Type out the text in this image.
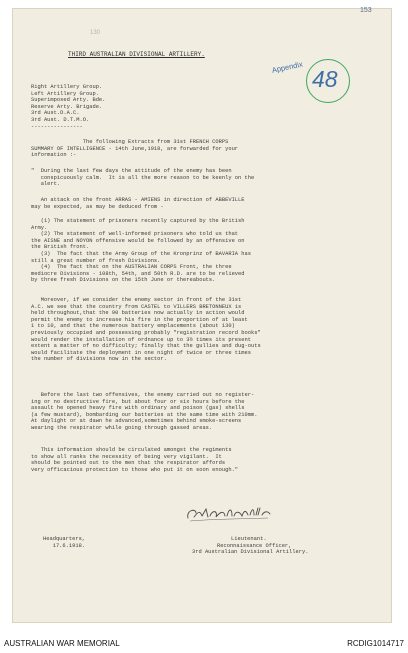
130
153
THIRD AUSTRALIAN DIVISIONAL ARTILLERY.
Appendix 48
Right Artillery Group.
Left Artillery Group.
Superimposed Arty. Bde.
Reserve Arty. Brigade.
3rd Aust.D.A.C.
3rd Aust. D.T.M.O.
----------------
The following Extracts from 31st FRENCH CORPS
SUMMARY OF INTELLIGENCE - 14th June,1918, are forwarded for your
information :-
"  During the last few days the attitude of the enemy has been
conspicuously calm.  It is all the more reason to be keenly on the
alert.
An attack on the front ARRAS - AMIENS in direction of ABBEVILLE
may be expected, as may be deduced from -
(1) The statement of prisoners recently captured by the British
Army.
(2) The statement of well-informed prisoners who told us that
the AISNE and NOYON offensive would be followed by an offensive on
the British front.
(3)  The fact that the Army Group of the Kronprinz of BAVARIA has
still a great number of fresh Divisions.
(4)  The fact that on the AUSTRALIAN CORPS Front, the three
mediocre Divisions - 108th, 54th, and 50th R.D. are to be relieved
by three fresh Divisions on the 15th June or thereabouts.
Moreover, if we consider the enemy sector in front of the 31st
A.C. we see that the country from CASTEL to VILLERS BRETONNEUX is
held throughout,that the 90 batteries now actually in action would
permit the enemy to increase his fire in the proportion of at least
1 to 10, and that the numerous battery emplacements (about 130)
previously occupied and possessing probably "registration record books"
would render the installation of ordnance up to 3½ times its present
extent a matter of no difficulty; finally that the gullies and dug-outs
would facilitate the deployment in one night of twice or three times
the number of divisions now in the sector.
Before the last two offensives, the enemy carried out no register-
ing or no destructive fire, but about four or six hours before the
assault he opened heavy fire with ordinary and poison (gas) shells
(a few mustard), bombarding our batteries at the same time with 210mm.
At daylight or at dawn he advanced,sometimes behind smoke-screens
wearing the respirator while going through gassed areas.
This information should be circulated amongst the regiments
to show all ranks the necessity of being very vigilant.  It
should be pointed out to the men that the respirator affords
very officacious protection to those who put it on soon enough."
Headquarters,
17.6.1918.
Lieutenant.
Reconnaissance Officer,
3rd Australian Divisional Artillery.
AUSTRALIAN WAR MEMORIAL	RCDIG1014717
